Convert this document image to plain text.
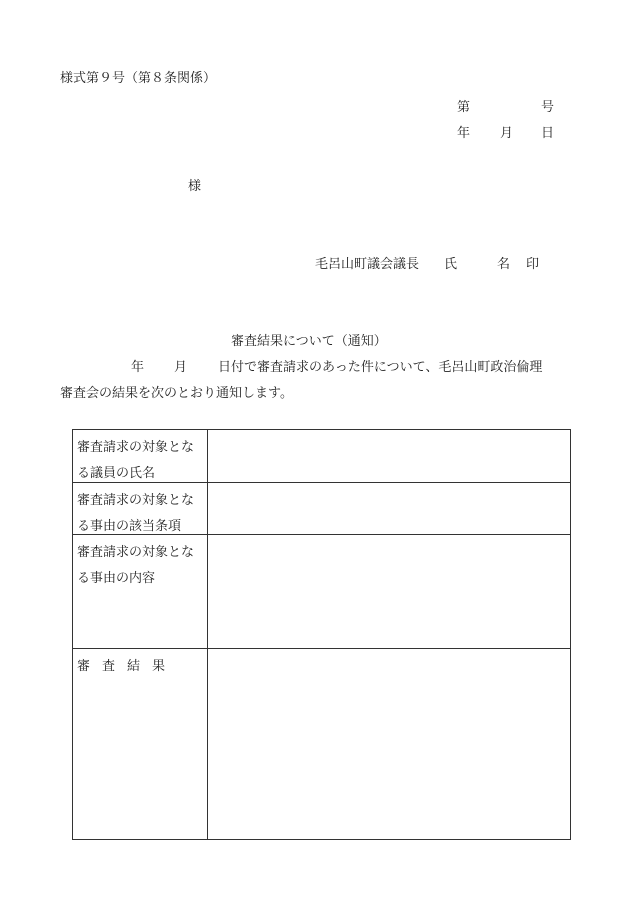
様式第９号（第８条関係）
第	号
年 月 日
様
毛呂山町議会議長 氏	名 印
審査結果について（通知）
年 月 日付で審査請求のあった件について、毛呂山町政治倫理
審査会の結果を次のとおり通知します。
審査請求の対象とな
る議員の氏名
審査請求の対象とな
る事由の該当条項
審査請求の対象とな
る事由の内容
審査結果
